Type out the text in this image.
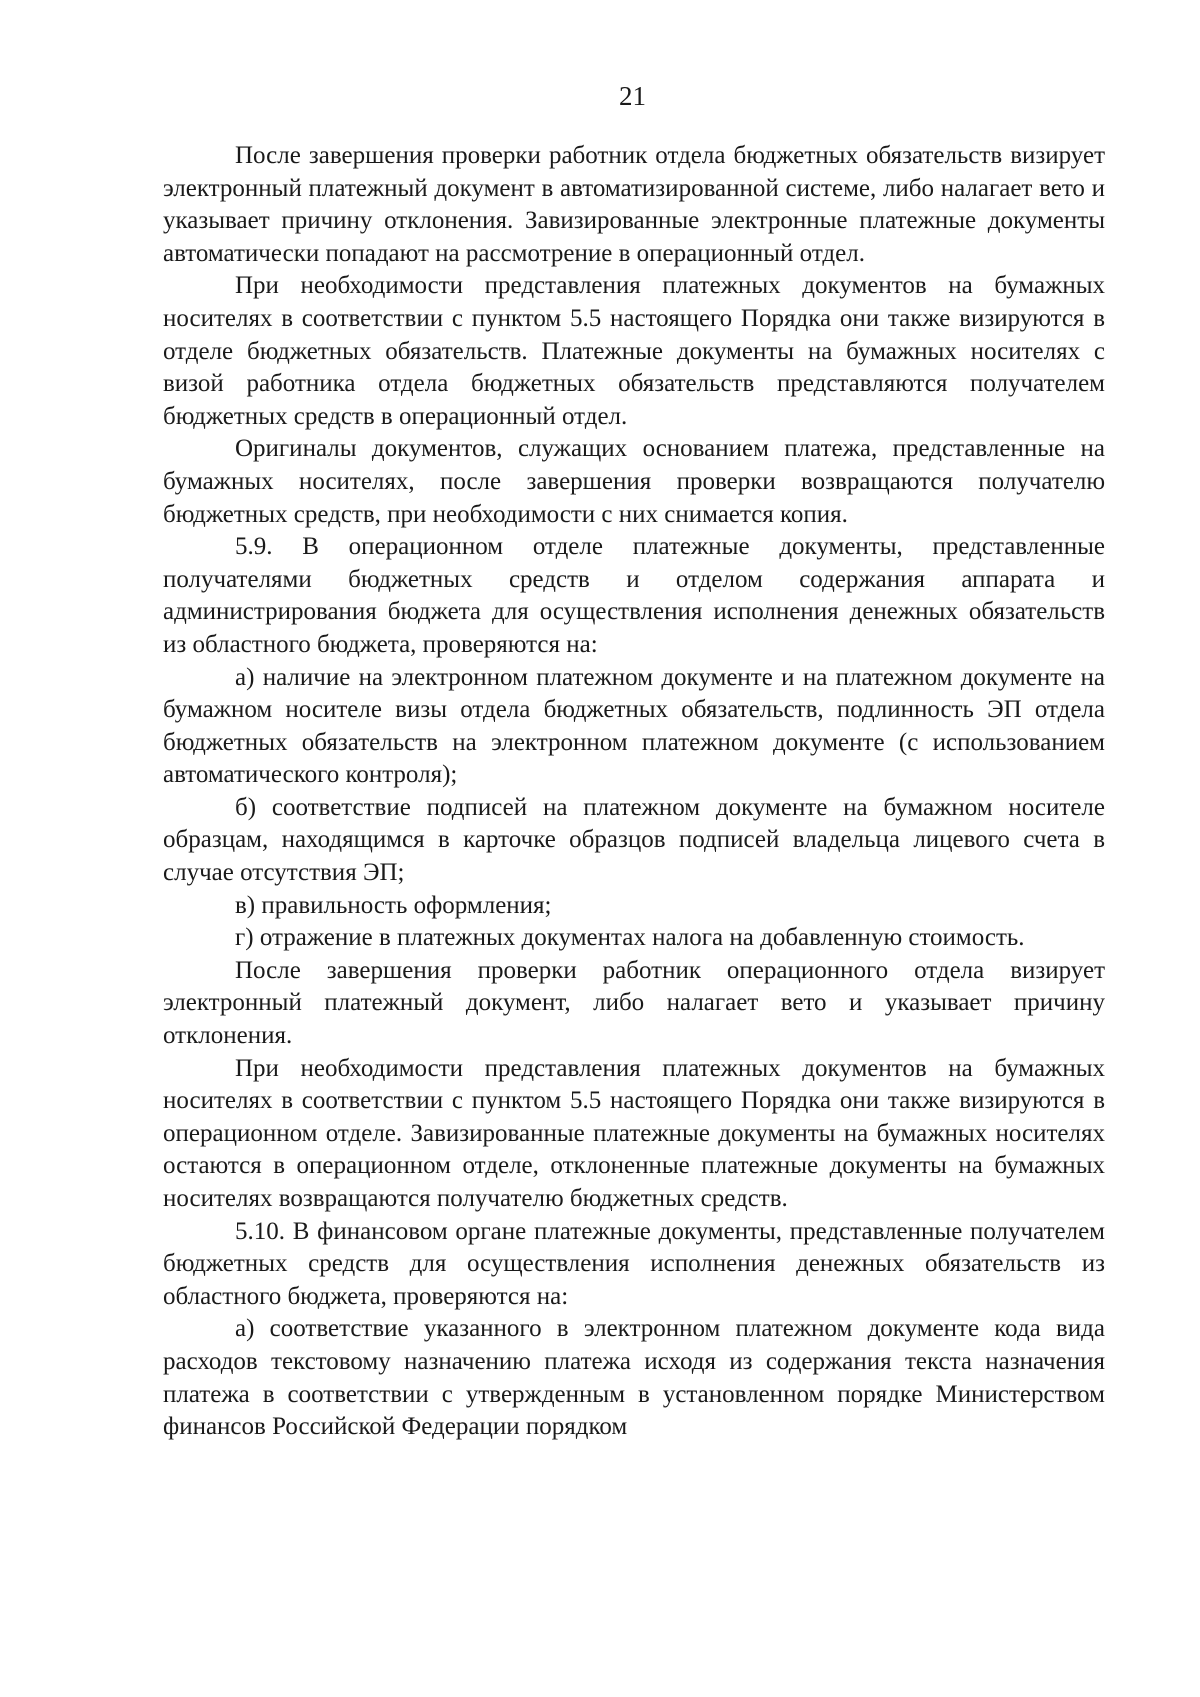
21

После завершения проверки работник отдела бюджетных обязательств визирует электронный платежный документ в автоматизированной системе, либо налагает вето и указывает причину отклонения. Завизированные электронные платежные документы автоматически попадают на рассмотрение в операционный отдел.

При необходимости представления платежных документов на бумажных носителях в соответствии с пунктом 5.5 настоящего Порядка они также визируются в отделе бюджетных обязательств. Платежные документы на бумажных носителях с визой работника отдела бюджетных обязательств представляются получателем бюджетных средств в операционный отдел.

Оригиналы документов, служащих основанием платежа, представленные на бумажных носителях, после завершения проверки возвращаются получателю бюджетных средств, при необходимости с них снимается копия.

5.9. В операционном отделе платежные документы, представленные получателями бюджетных средств и отделом содержания аппарата и администрирования бюджета для осуществления исполнения денежных обязательств из областного бюджета, проверяются на:

а) наличие на электронном платежном документе и на платежном документе на бумажном носителе визы отдела бюджетных обязательств, подлинность ЭП отдела бюджетных обязательств на электронном платежном документе (с использованием автоматического контроля);

б) соответствие подписей на платежном документе на бумажном носителе образцам, находящимся в карточке образцов подписей владельца лицевого счета в случае отсутствия ЭП;

в) правильность оформления;

г) отражение в платежных документах налога на добавленную стоимость.

После завершения проверки работник операционного отдела визирует электронный платежный документ, либо налагает вето и указывает причину отклонения.

При необходимости представления платежных документов на бумажных носителях в соответствии с пунктом 5.5 настоящего Порядка они также визируются в операционном отделе. Завизированные платежные документы на бумажных носителях остаются в операционном отделе, отклоненные платежные документы на бумажных носителях возвращаются получателю бюджетных средств.

5.10. В финансовом органе платежные документы, представленные получателем бюджетных средств для осуществления исполнения денежных обязательств из областного бюджета, проверяются на:

а) соответствие указанного в электронном платежном документе кода вида расходов текстовому назначению платежа исходя из содержания текста назначения платежа в соответствии с утвержденным в установленном порядке Министерством финансов Российской Федерации порядком
